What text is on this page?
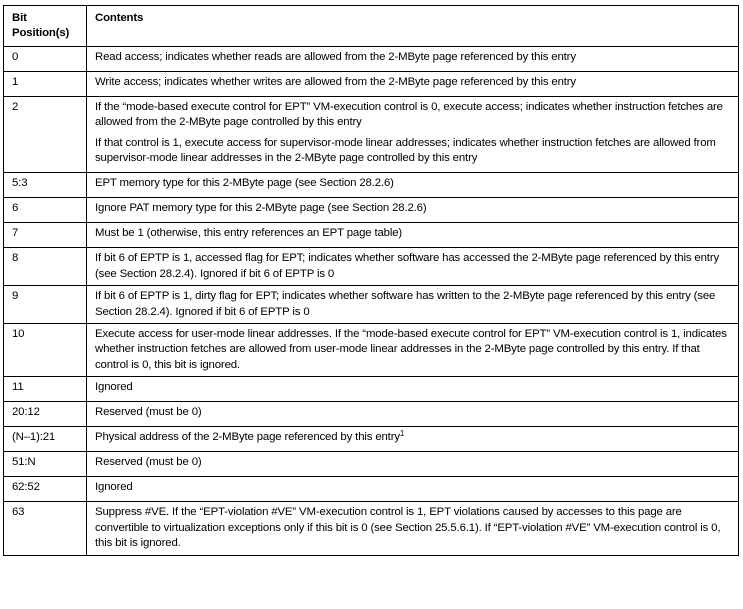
Bit Position(s)	Contents
0	Read access; indicates whether reads are allowed from the 2-MByte page referenced by this entry

1	Write access; indicates whether writes are allowed from the 2-MByte page referenced by this entry

2	If the “mode-based execute control for EPT” VM-execution control is 0, execute access; indicates whether instruction fetches are allowed from the 2-MByte page controlled by this entry

If that control is 1, execute access for supervisor-mode linear addresses; indicates whether instruction fetches are allowed from supervisor-mode linear addresses in the 2-MByte page controlled by this entry

5:3	EPT memory type for this 2-MByte page (see Section 28.2.6)

6	Ignore PAT memory type for this 2-MByte page (see Section 28.2.6)

7	Must be 1 (otherwise, this entry references an EPT page table)

8	If bit 6 of EPTP is 1, accessed flag for EPT; indicates whether software has accessed the 2-MByte page referenced by this entry (see Section 28.2.4). Ignored if bit 6 of EPTP is 0

9	If bit 6 of EPTP is 1, dirty flag for EPT; indicates whether software has written to the 2-MByte page referenced by this entry (see Section 28.2.4). Ignored if bit 6 of EPTP is 0

10	Execute access for user-mode linear addresses. If the “mode-based execute control for EPT” VM-execution control is 1, indicates whether instruction fetches are allowed from user-mode linear addresses in the 2-MByte page controlled by this entry. If that control is 0, this bit is ignored.

11	Ignored

20:12	Reserved (must be 0)

(N–1):21	Physical address of the 2-MByte page referenced by this entry$^1$

51:N	Reserved (must be 0)

62:52	Ignored

63	Suppress #VE. If the “EPT-violation #VE” VM-execution control is 1, EPT violations caused by accesses to this page are convertible to virtualization exceptions only if this bit is 0 (see Section 25.5.6.1). If “EPT-violation #VE” VM-execution control is 0, this bit is ignored.
